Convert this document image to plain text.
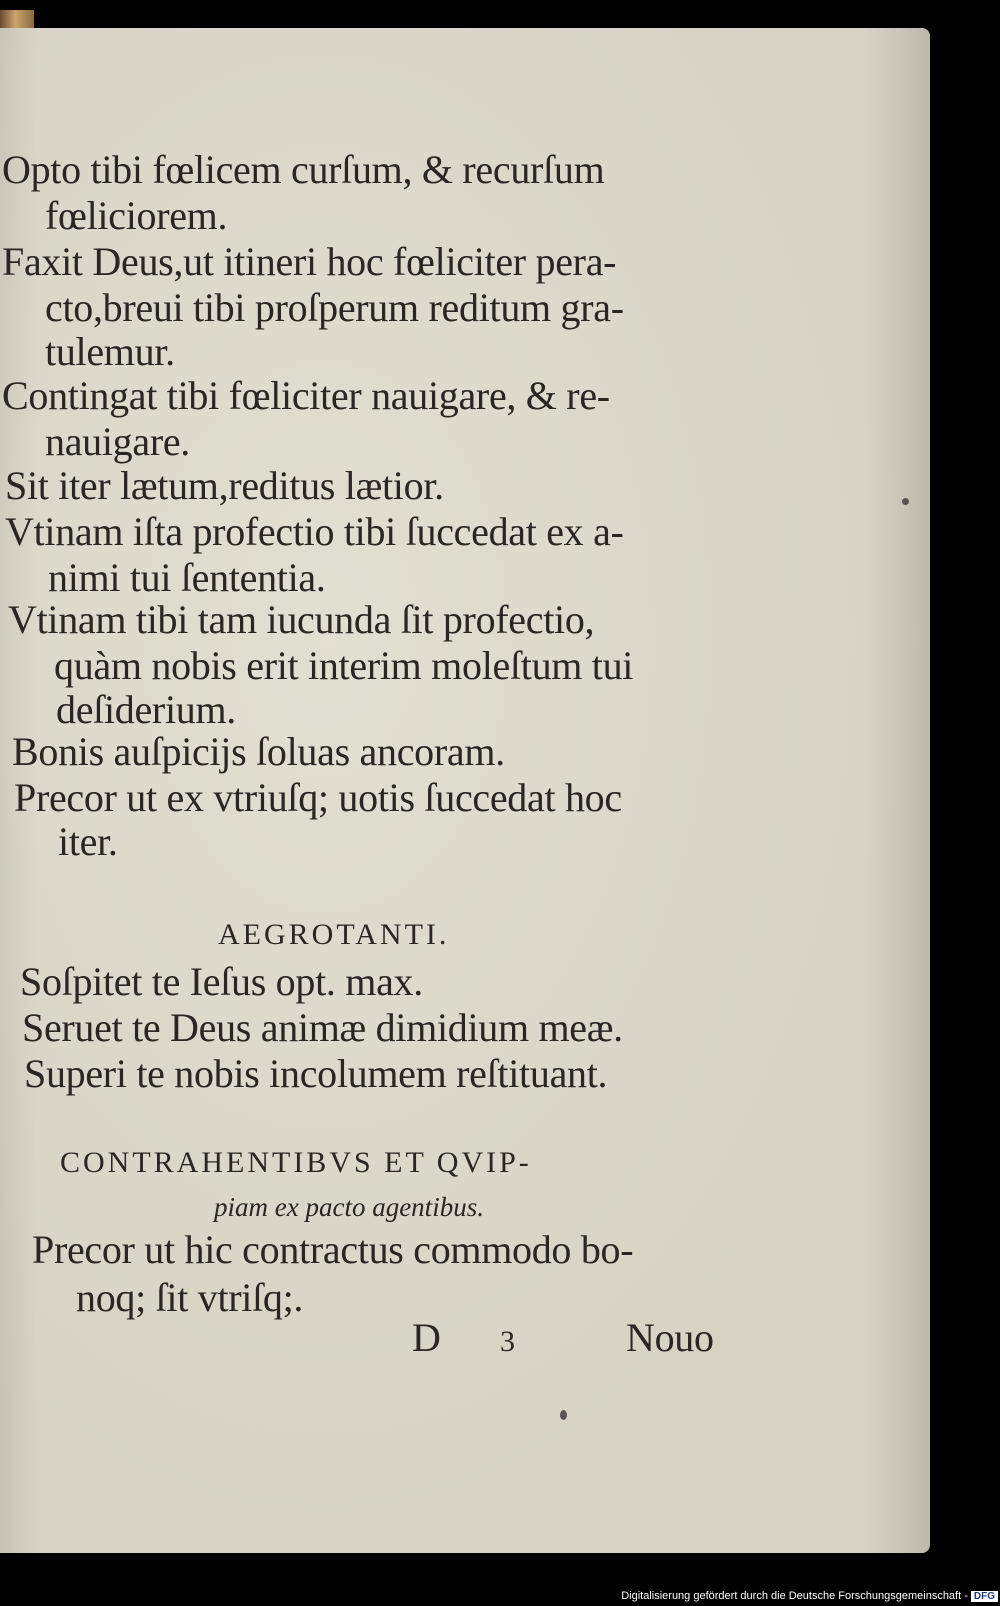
Opto tibi fœlicem curſum, & recurſum
fœliciorem.
Faxit Deus,ut itineri hoc fœliciter pera-
cto,breui tibi proſperum reditum gra-
tulemur.
Contingat tibi fœliciter nauigare, & re-
nauigare.
Sit iter lætum,reditus lætior.
Vtinam iſta profectio tibi ſuccedat ex a-
nimi tui ſententia.
Vtinam tibi tam iucunda ſit profectio,
quàm nobis erit interim moleſtum tui
deſiderium.
Bonis auſpicijs ſoluas ancoram.
Precor ut ex vtriuſq; uotis ſuccedat hoc
iter.
AEGROTANTI.
Soſpitet te Ieſus opt. max.
Seruet te Deus animæ dimidium meæ.
Superi te nobis incolumem reſtituant.
CONTRAHENTIBVS ET QVIP-
piam ex pacto agentibus.
Precor ut hic contractus commodo bo-
noq; ſit vtriſq;.
D 3	Nouo
Digitalisierung gefördert durch die Deutsche Forschungsgemeinschaft - DFG
